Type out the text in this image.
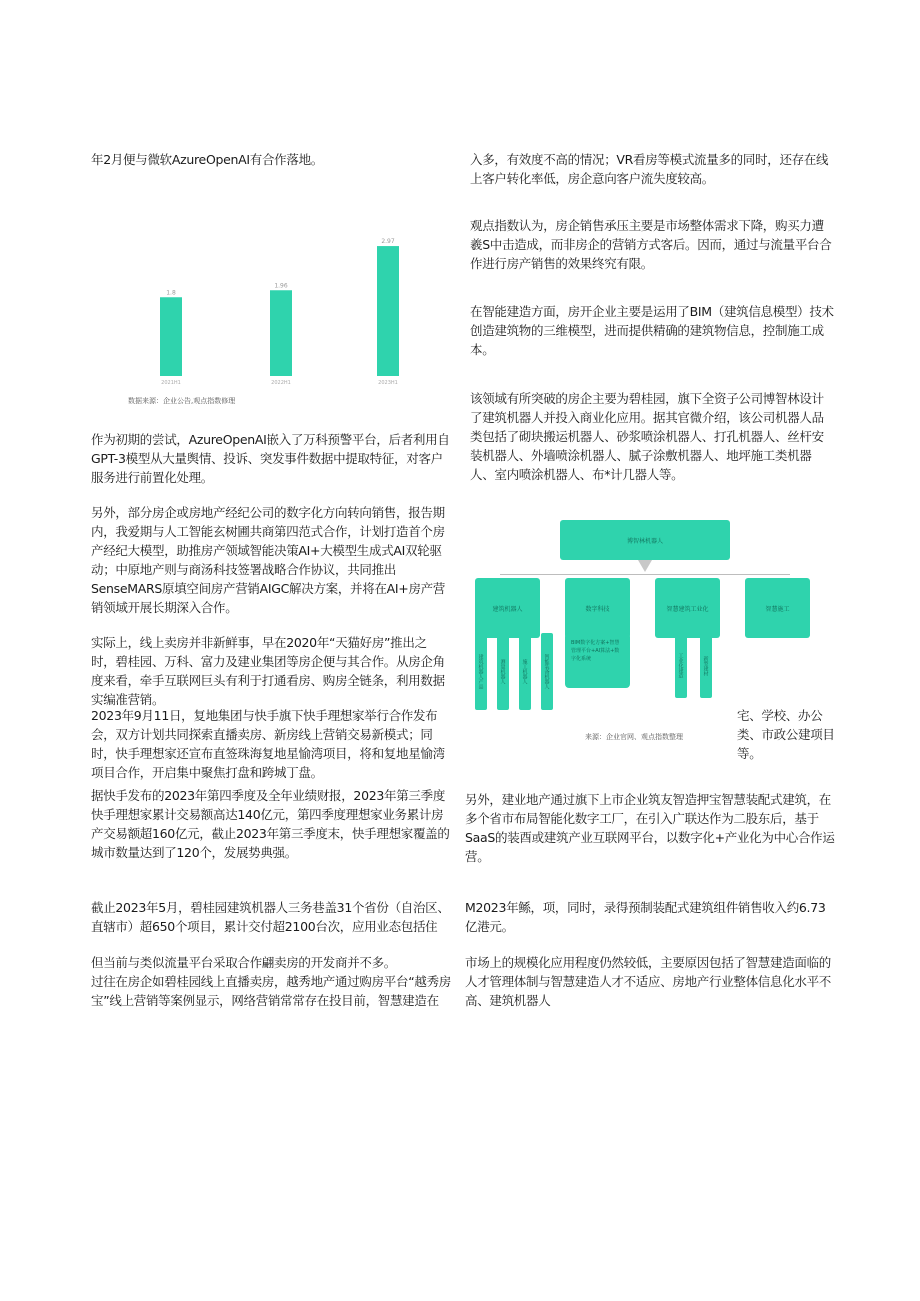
年2月便与微软AzureOpenAI有合作落地。

1.8
2021H1
1.96
2022H1
2.97
2023H1
数据来源：企业公告,观点指数修理

作为初期的尝试，AzureOpenAI嵌入了万科预警平台，后者利用自GPT-3模型从大量舆情、投诉、突发事件数据中提取特征，对客户服务进行前置化处理。

另外，部分房企或房地产经纪公司的数字化方向转向销售，报告期内，我爱期与人工智能玄树圃共商第四范式合作，计划打造首个房产经纪大模型，助推房产领域智能决策AI+大模型生成式AI双轮驱动；中原地产则与商汤科技签署战略合作协议，共同推出SenseMARS原填空间房产营销AIGC解决方案，并将在AI+房产营销领域开展长期深入合作。

实际上，线上卖房并非新鲜事，早在2020年“天猫好房”推出之时，碧桂园、万科、富力及建业集团等房企便与其合作。从房企角度来看，牵手互联网巨头有利于打通看房、购房全链条，利用数据实编准营销。

2023年9月11日，复地集团与快手旗下快手理想家举行合作发布会，双方计划共同探索直播卖房、新房线上营销交易新模式；同时，快手理想家还宣布直签珠海复地星愉湾项目，将和复地星愉湾项目合作，开启集中聚焦打盘和跨城丁盘。

据快手发布的2023年第四季度及全年业绩财报，2023年第三季度快手理想家累计交易额高达140亿元，第四季度理想家业务累计房产交易额超160亿元，截止2023年第三季度末，快手理想家覆盖的城市数量达到了120个，发展势典强。

截止2023年5月，碧桂园建筑机器人三务巷盖31个省份（自治区、直辖市）超650个项目，累计交付超2100台次，应用业态包括住

但当前与类似流量平台采取合作翩卖房的开发商并不多。

过往在房企如碧桂园线上直播卖房，越秀地产通过购房平台“越秀房宝”线上营销等案例显示，网络营销常常存在投目前，智慧建造在

入多，有效度不高的情况；VR看房等模式流量多的同时，还存在线上客户转化率低，房企意向客户流失度较高。

观点指数认为，房企销售承压主要是市场整体需求下降，购买力遭羲S中击造成，而非房企的营销方式客后。因而，通过与流量平台合作进行房产销售的效果终究有限。

在智能建造方面，房开企业主要是运用了BIM（建筑信息模型）技术创造建筑物的三维模型，进而提供精确的建筑物信息，控制施工成本。

该领域有所突破的房企主要为碧桂园，旗下全资子公司博智林设计了建筑机器人并投入商业化应用。据其官微介绍，该公司机器人品类包括了砌块搬运机器人、砂浆喷涂机器人、打孔机器人、丝杆安装机器人、外墙喷涂机器人、腻子涂敷机器人、地坪施工类机器人、室内喷涂机器人、布*计几器人等。

博智林机器人
建筑机器人	数字科技	智慧建筑工业化	智慧施工
建筑机器人产品	测量机器人	施工机器人	智能装备机器人
BIM数字化方案+智慧管理平台+AI算法+数字化系统	工业化建造	新型建材
来源：企业官网、观点指数整理

宅、学校、办公类、市政公建项目等。

另外，建业地产通过旗下上市企业筑友智造押宝智慧装配式建筑，在多个省市布局智能化数字工厂，在引入广联达作为二股东后，基于SaaS的装酉或建筑产业互联网平台，以数字化+产业化为中心合作运营。

M2023年鲧，项，同时，录得预制装配式建筑组件销售收入约6.73亿港元。

市场上的规模化应用程度仍然较低，主要原因包括了智慧建造面临的人才管理体制与智慧建造人才不适应、房地产行业整体信息化水平不高、建筑机器人
